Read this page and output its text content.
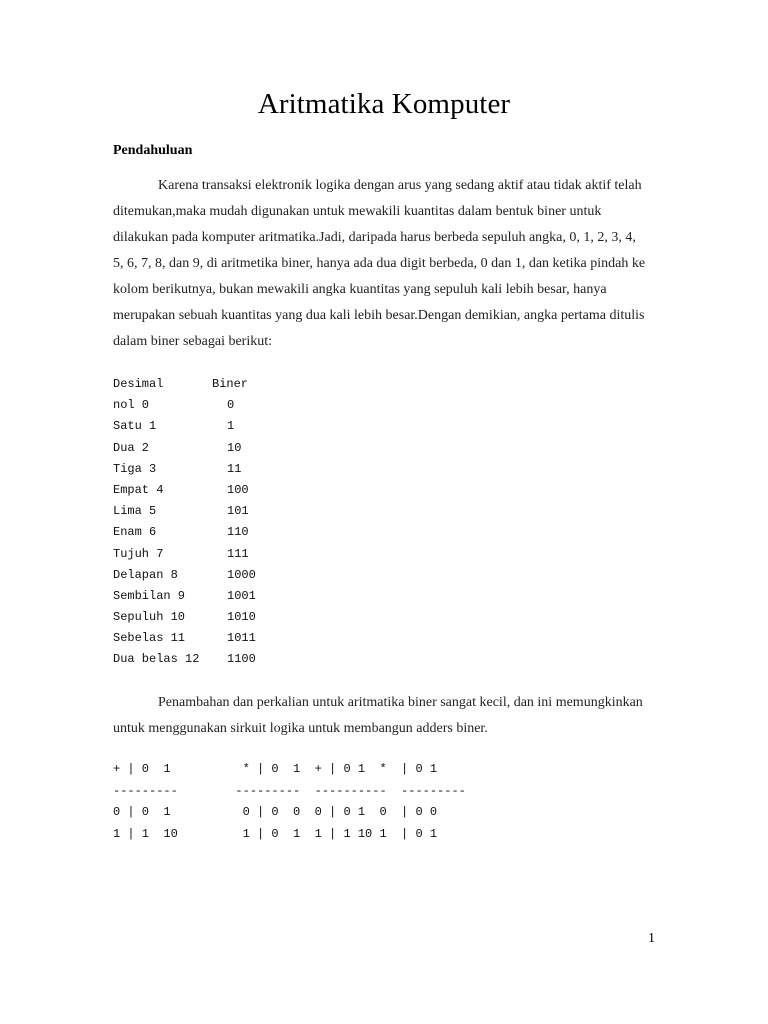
Aritmatika Komputer
Pendahuluan

Karena transaksi elektronik logika dengan arus yang sedang aktif atau tidak aktif telah ditemukan,maka mudah digunakan untuk mewakili kuantitas dalam bentuk biner untuk dilakukan pada komputer aritmatika.Jadi, daripada harus berbeda sepuluh angka, 0, 1, 2, 3, 4, 5, 6, 7, 8, dan 9, di aritmetika biner, hanya ada dua digit berbeda, 0 dan 1, dan ketika pindah ke kolom berikutnya, bukan mewakili angka kuantitas yang sepuluh kali lebih besar, hanya merupakan sebuah kuantitas yang dua kali lebih besar.Dengan demikian, angka pertama ditulis dalam biner sebagai berikut:

Desimal	Biner
nol 0	0
Satu 1	1
Dua 2	10
Tiga 3	11
Empat 4	100
Lima 5	101
Enam 6	110
Tujuh 7	111
Delapan 8	1000
Sembilan 9	1001
Sepuluh 10	1010
Sebelas 11	1011
Dua belas 12	1100

Penambahan dan perkalian untuk aritmatika biner sangat kecil, dan ini memungkinkan untuk menggunakan sirkuit logika untuk membangun adders biner.

+ | 0  1          * | 0  1  + | 0 1  *  | 0 1
---------        ---------  ----------  ---------
0 | 0  1          0 | 0  0  0 | 0 1  0  | 0 0
1 | 1  10         1 | 0  1  1 | 1 10 1  | 0 1
1
